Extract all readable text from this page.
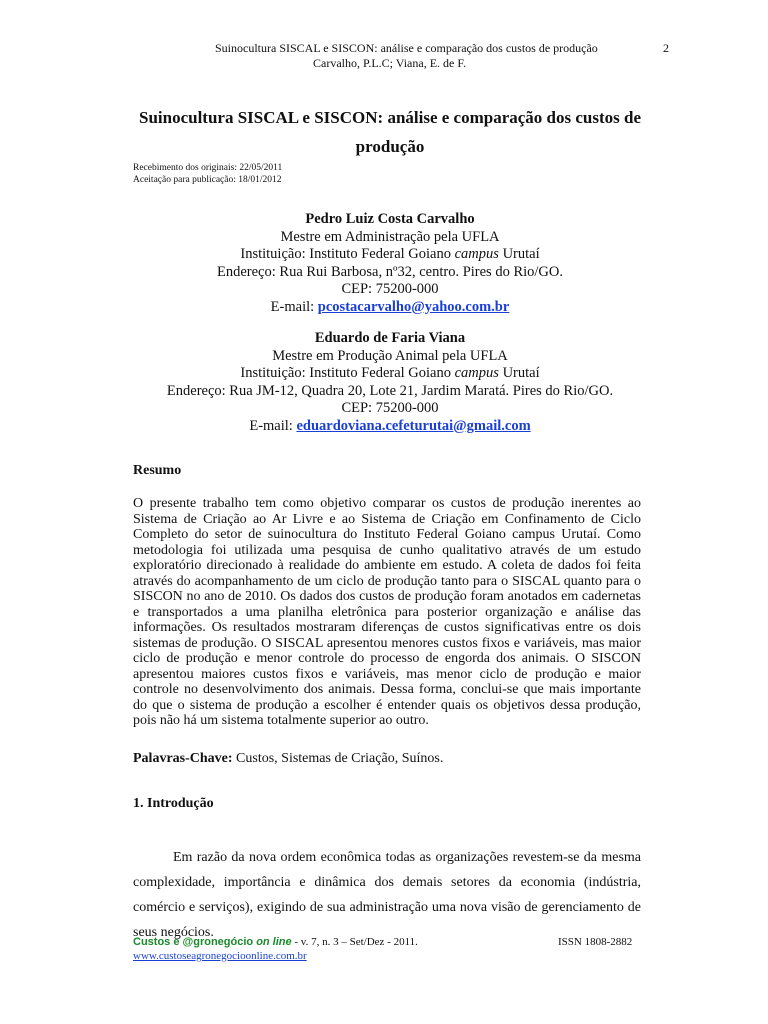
Suinocultura SISCAL e SISCON: análise e comparação dos custos de produção	2
Carvalho, P.L.C; Viana, E. de F.
Suinocultura SISCAL e SISCON: análise e comparação dos custos de produção
Recebimento dos originais: 22/05/2011
Aceitação para publicação: 18/01/2012
Pedro Luiz Costa Carvalho
Mestre em Administração pela UFLA
Instituição: Instituto Federal Goiano campus Urutaí
Endereço: Rua Rui Barbosa, nº32, centro. Pires do Rio/GO.
CEP: 75200-000
E-mail: pcostacarvalho@yahoo.com.br
Eduardo de Faria Viana
Mestre em Produção Animal pela UFLA
Instituição: Instituto Federal Goiano campus Urutaí
Endereço: Rua JM-12, Quadra 20, Lote 21, Jardim Maratá. Pires do Rio/GO.
CEP: 75200-000
E-mail: eduardoviana.cefeturutai@gmail.com
Resumo
O presente trabalho tem como objetivo comparar os custos de produção inerentes ao Sistema de Criação ao Ar Livre e ao Sistema de Criação em Confinamento de Ciclo Completo do setor de suinocultura do Instituto Federal Goiano campus Urutaí. Como metodologia foi utilizada uma pesquisa de cunho qualitativo através de um estudo exploratório direcionado à realidade do ambiente em estudo. A coleta de dados foi feita através do acompanhamento de um ciclo de produção tanto para o SISCAL quanto para o SISCON no ano de 2010. Os dados dos custos de produção foram anotados em cadernetas e transportados a uma planilha eletrônica para posterior organização e análise das informações. Os resultados mostraram diferenças de custos significativas entre os dois sistemas de produção. O SISCAL apresentou menores custos fixos e variáveis, mas maior ciclo de produção e menor controle do processo de engorda dos animais. O SISCON apresentou maiores custos fixos e variáveis, mas menor ciclo de produção e maior controle no desenvolvimento dos animais. Dessa forma, conclui-se que mais importante do que o sistema de produção a escolher é entender quais os objetivos dessa produção, pois não há um sistema totalmente superior ao outro.
Palavras-Chave: Custos, Sistemas de Criação, Suínos.
1. Introdução
Em razão da nova ordem econômica todas as organizações revestem-se da mesma complexidade, importância e dinâmica dos demais setores da economia (indústria, comércio e serviços), exigindo de sua administração uma nova visão de gerenciamento de seus negócios.
Custos e @gronegócio on line - v. 7, n. 3 – Set/Dez - 2011.	ISSN 1808-2882
www.custoseagronegocioonline.com.br
